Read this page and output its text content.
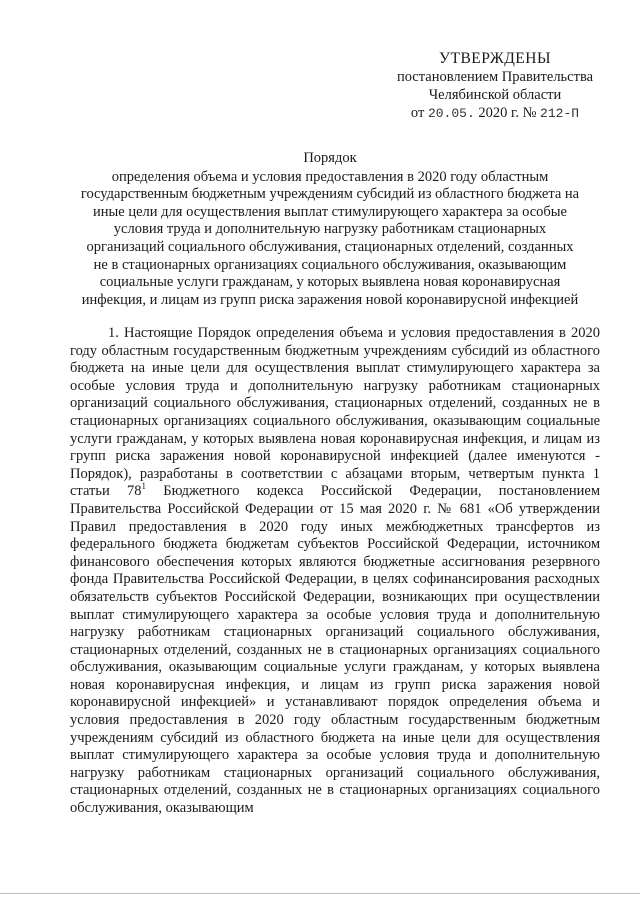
УТВЕРЖДЕНЫ
постановлением Правительства
Челябинской области
от 20.05. 2020 г. № 212-П
Порядок
определения объема и условия предоставления в 2020 году областным
государственным бюджетным учреждениям субсидий из областного бюджета на
иные цели для осуществления выплат стимулирующего характера за особые
условия труда и дополнительную нагрузку работникам стационарных
организаций социального обслуживания, стационарных отделений, созданных
не в стационарных организациях социального обслуживания, оказывающим
социальные услуги гражданам, у которых выявлена новая коронавирусная
инфекция, и лицам из групп риска заражения новой коронавирусной инфекцией

1. Настоящие Порядок определения объема и условия предоставления в 2020 году областным государственным бюджетным учреждениям субсидий из областного бюджета на иные цели для осуществления выплат стимулирующего характера за особые условия труда и дополнительную нагрузку работникам стационарных организаций социального обслуживания, стационарных отделений, созданных не в стационарных организациях социального обслуживания, оказывающим социальные услуги гражданам, у которых выявлена новая коронавирусная инфекция, и лицам из групп риска заражения новой коронавирусной инфекцией (далее именуются - Порядок), разработаны в соответствии с абзацами вторым, четвертым пункта 1 статьи $78^1$ Бюджетного кодекса Российской Федерации, постановлением Правительства Российской Федерации от 15 мая 2020 г. № 681 «Об утверждении Правил предоставления в 2020 году иных межбюджетных трансфертов из федерального бюджета бюджетам субъектов Российской Федерации, источником финансового обеспечения которых являются бюджетные ассигнования резервного фонда Правительства Российской Федерации, в целях софинансирования расходных обязательств субъектов Российской Федерации, возникающих при осуществлении выплат стимулирующего характера за особые условия труда и дополнительную нагрузку работникам стационарных организаций социального обслуживания, стационарных отделений, созданных не в стационарных организациях социального обслуживания, оказывающим социальные услуги гражданам, у которых выявлена новая коронавирусная инфекция, и лицам из групп риска заражения новой коронавирусной инфекцией» и устанавливают порядок определения объема и условия предоставления в 2020 году областным государственным бюджетным учреждениям субсидий из областного бюджета на иные цели для осуществления выплат стимулирующего характера за особые условия труда и дополнительную нагрузку работникам стационарных организаций социального обслуживания, стационарных отделений, созданных не в стационарных организациях социального обслуживания, оказывающим
